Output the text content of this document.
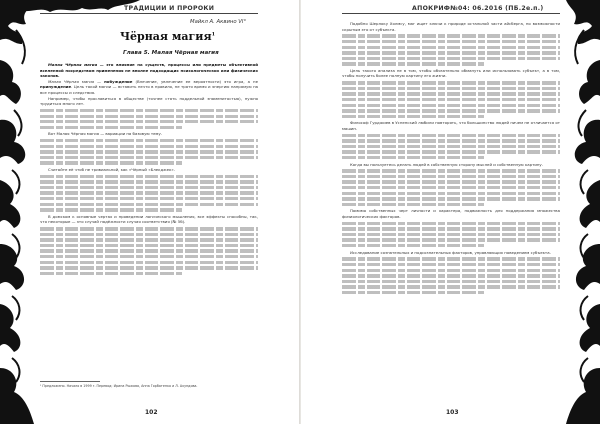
ТРАДИЦИИ И ПРОРОКИ
Майкл А. Аквино VI°
Чёрная магия$^1$
Глава 5. Малая Чёрная магия

Малая Чёрная магия — это влияние на существ, процессы или предметы объективной вселенной посредством применения не вполне подходящих психологических или физических законов.

Малая Чёрная магия — побуждение (Влечение, увлечение ее вероятности) это игра, а не принуждение. Цель такой магии — вставить нечто в правило, не тратя время и энергию напрямую на все процессы и следствия.

Например, чтобы прославиться в обществе (точнее стать поддельной знаменитостью), нужно трудиться много лет.

Вот Малая Чёрная магия — вариации на базовую тему.

Считайте её чтоб не тривиальной, как «Чёрный «Блекджек».

В домском к основные чертах и проведении логического мышления, все эффекты способны, так, что некоторые — это случай надёжности случая соответствия (№ 5б).

¹ Предложено. Начало в 1999 г. Перевод: Ирина Рыжова, Анна Горбатенко и Л. Ахундова.
102
АПОКРИФ№04: 06.2016 (ПБ.2е.п.)

Подобно Шерлоку Холмсу, маг ищет ключи к природе остальной части айсберга, по возможности скрытым это от субъекта.

Цель такого анализа не в том, чтобы обязательно обмануть или использовать субъект, а в том, чтобы получить более полную картину его жизни.

Философ Гурджиев в Успенский любили повторять, что большинство людей ничем не отличается от машин.

Когда вы пользуетесь делать людей в собственную сторону мыслей и собственную картину.

Помимо собственных черт личности и характера, подвижность для поддержания множества физиологических факторов.

Исследование сознательных и подсознательных факторов, управляющих поведением субъекта.

103
